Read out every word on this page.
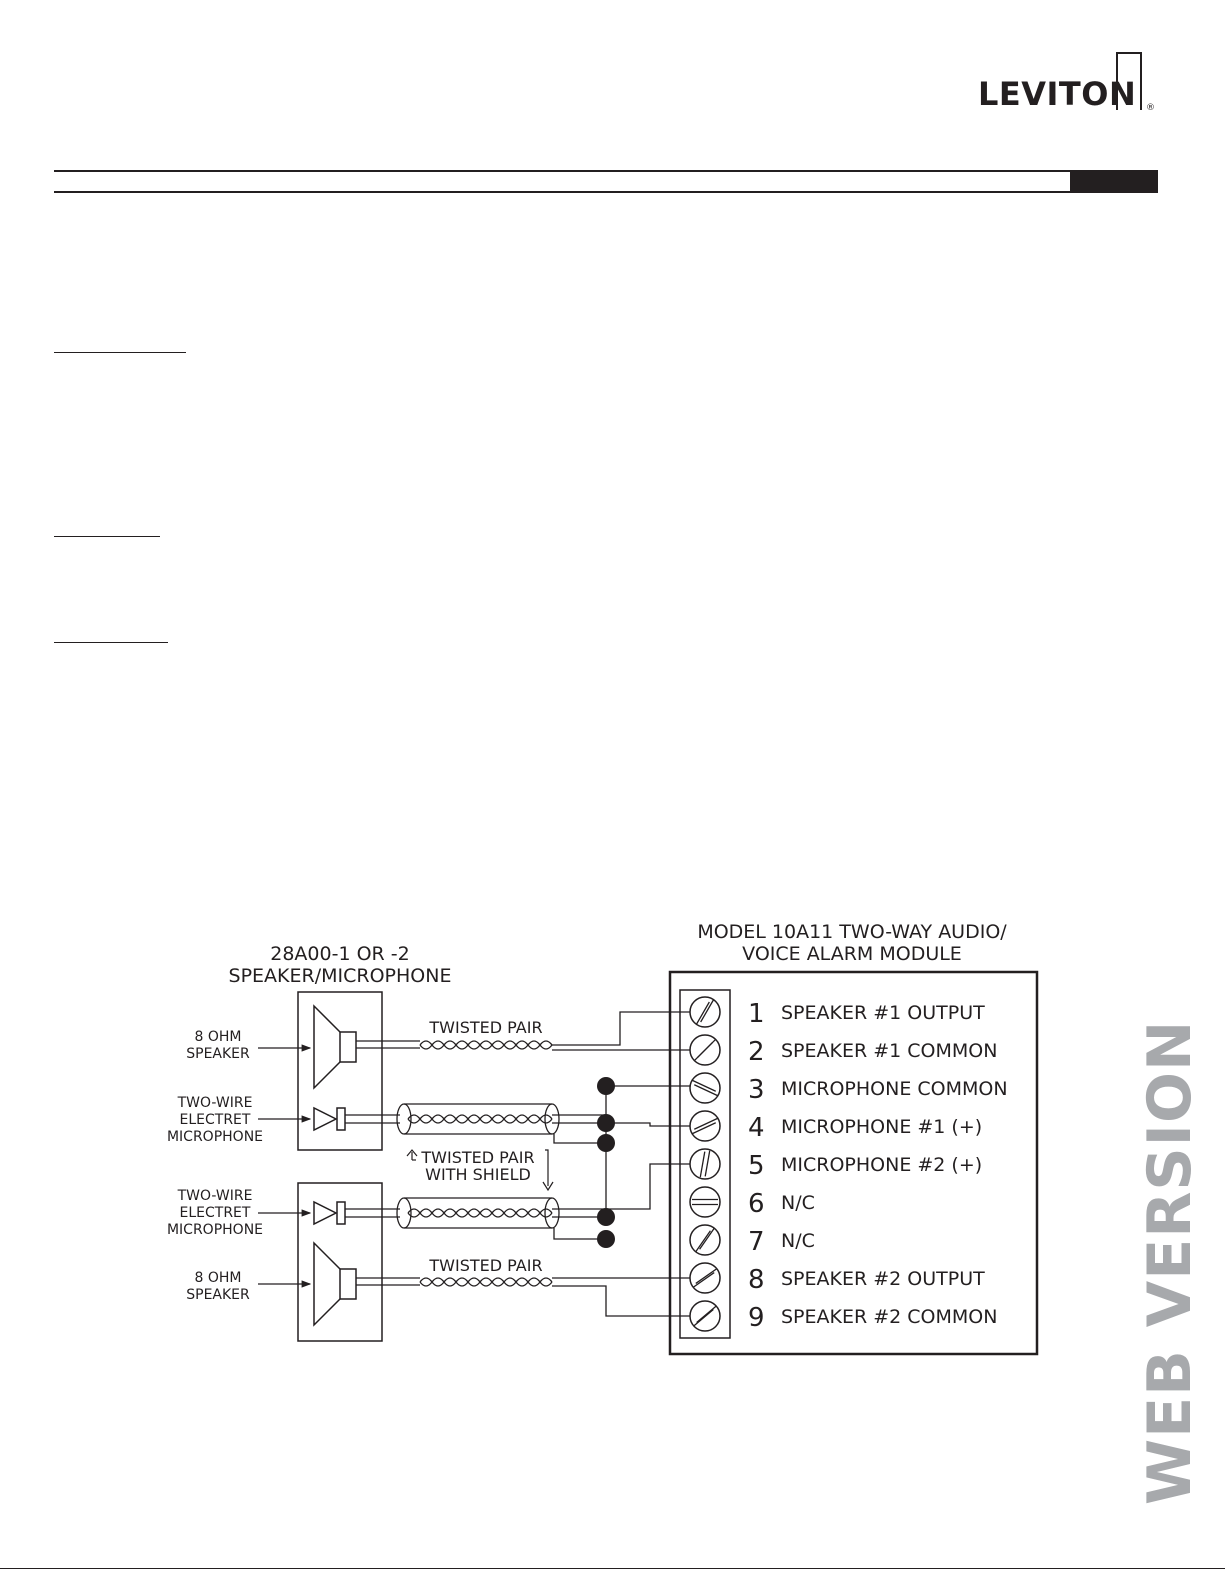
LEVITON ®
28A00-1 OR -2
SPEAKER/MICROPHONE
MODEL 10A11 TWO-WAY AUDIO/
VOICE ALARM MODULE
8 OHM
SPEAKER
TWO-WIRE
ELECTRET
MICROPHONE
TWO-WIRE
ELECTRET
MICROPHONE
8 OHM
SPEAKER
TWISTED PAIR
TWISTED PAIR
WITH SHIELD
TWISTED PAIR
1 SPEAKER #1 OUTPUT
2 SPEAKER #1 COMMON
3 MICROPHONE COMMON
4 MICROPHONE #1 (+)
5 MICROPHONE #2 (+)
6 N/C
7 N/C
8 SPEAKER #2 OUTPUT
9 SPEAKER #2 COMMON WEB VERSION
